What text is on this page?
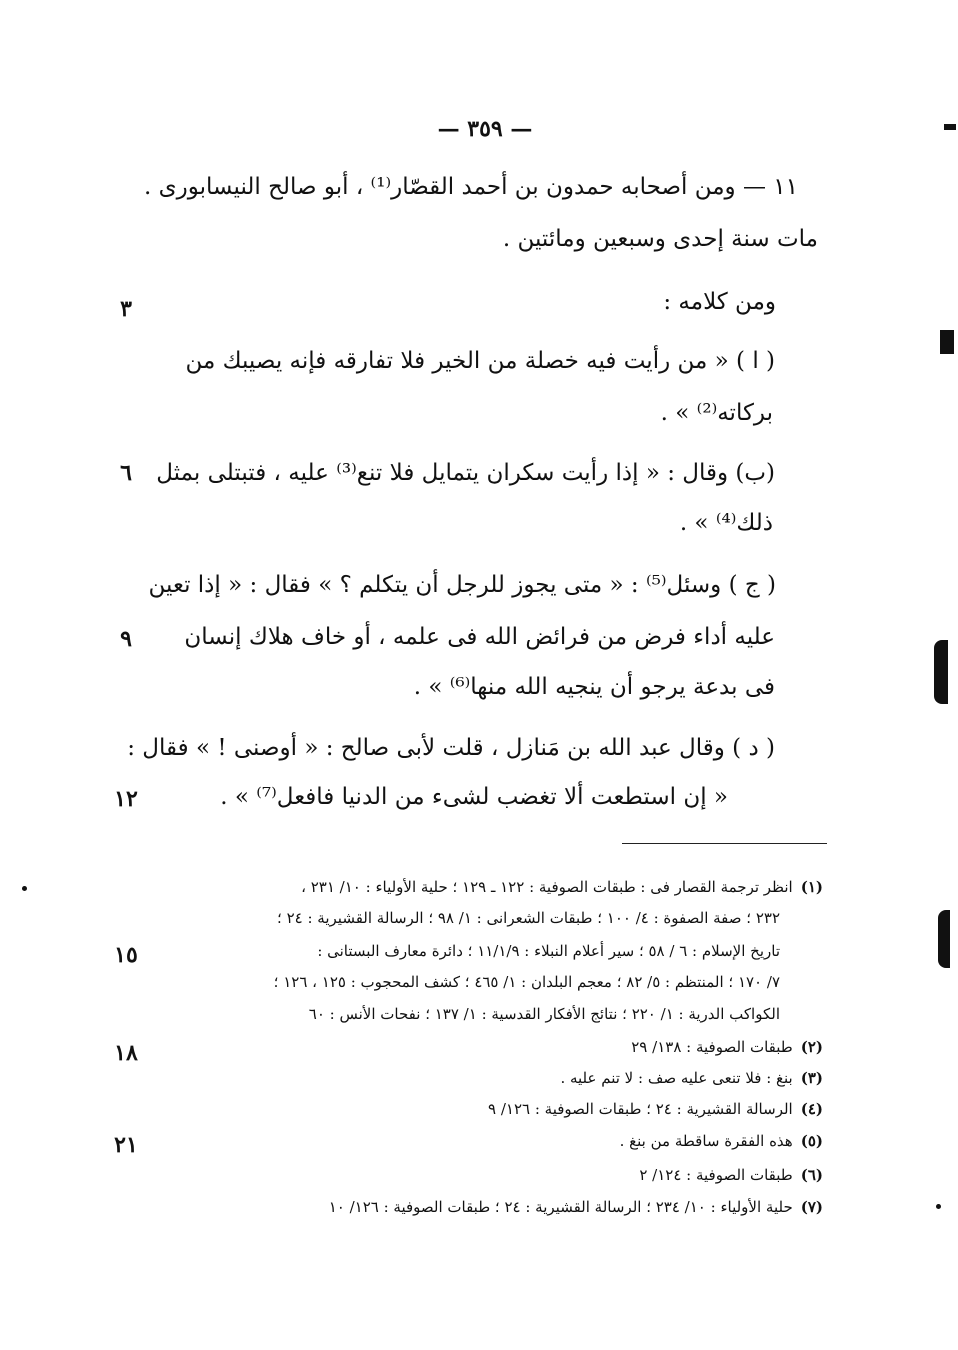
— ٣٥٩ —
١١ — ومن أصحابه حمدون بن أحمد القصّار⁽¹⁾ ، أبو صالح النيسابورى .
مات سنة إحدى وسبعين ومائتين .
ومن كلامه :
( ا ) « من رأيت فيه خصلة من الخير فلا تفارقه فإنه يصيبك من
بركاته⁽²⁾ » .
(ب) وقال : « إذا رأيت سكران يتمايل فلا تنع⁽³⁾ عليه ، فتبتلى بمثل
ذلك⁽⁴⁾ » .
( ج ) وسئل⁽⁵⁾ : « متى يجوز للرجل أن يتكلم ؟ » فقال : « إذا تعين
عليه أداء فرض من فرائض الله فى علمه ، أو خاف هلاك إنسان
فى بدعة يرجو أن ينجيه الله منها⁽⁶⁾ » .
( د ) وقال عبد الله بن مَنازل ، قلت لأبى صالح : « أوصنى ! » فقال :
« إن استطعت ألا تغضب لشىء من الدنيا فافعل⁽⁷⁾ » .
٣
٦
٩
١٢
١٥
١٨
٢١
(١)انظر ترجمة القصار فى : طبقات الصوفية : ١٢٢ ـ ١٢٩ ؛ حلية الأولياء : ١٠/ ٢٣١ ،
٢٣٢ ؛ صفة الصفوة : ٤/ ١٠٠ ؛ طبقات الشعرانى : ١/ ٩٨ ؛ الرسالة القشيرية : ٢٤ ؛
تاريخ الإسلام : ٦ / ٥٨ ؛ سير أعلام النبلاء : ١١/١/٩ ؛ دائرة معارف البستانى :
٧/ ١٧٠ ؛ المنتظم : ٥/ ٨٢ ؛ معجم البلدان : ١/ ٤٦٥ ؛ كشف المحجوب : ١٢٥ ، ١٢٦ ؛
الكواكب الدرية : ١/ ٢٢٠ ؛ نتائج الأفكار القدسية : ١/ ١٣٧ ؛ نفحات الأنس : ٦٠
(٢)طبقات الصوفية : ١٣٨/ ٢٩
(٣)بنغ : فلا تنعى عليه صف : لا تنم عليه .
(٤)الرسالة القشيرية : ٢٤ ؛ طبقات الصوفية : ١٢٦/ ٩
(٥)هذه الفقرة ساقطة من بنغ .
(٦)طبقات الصوفية : ١٢٤/ ٢
(٧)حلية الأولياء : ١٠/ ٢٣٤ ؛ الرسالة القشيرية : ٢٤ ؛ طبقات الصوفية : ١٢٦/ ١٠
